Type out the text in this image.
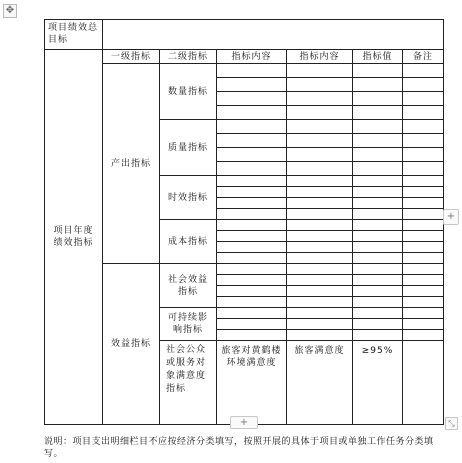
✥
项目绩效总目标						
项目年度绩效指标	一级指标	二级指标	指标内容	指标内容	指标值	备注
	产出指标	数量指标				

		质量指标				

		时效指标				

		成本指标				

	效益指标	社会效益指标				

		可持续影响指标				

		社会公众或服务对象满意度指标	旅客对黄鹤楼环境满意度	旅客满意度	≥95%	
+
+	⤡
说明：项目支出明细栏目不应按经济分类填写，按照开展的具体于项目或单独工作任务分类填写。
